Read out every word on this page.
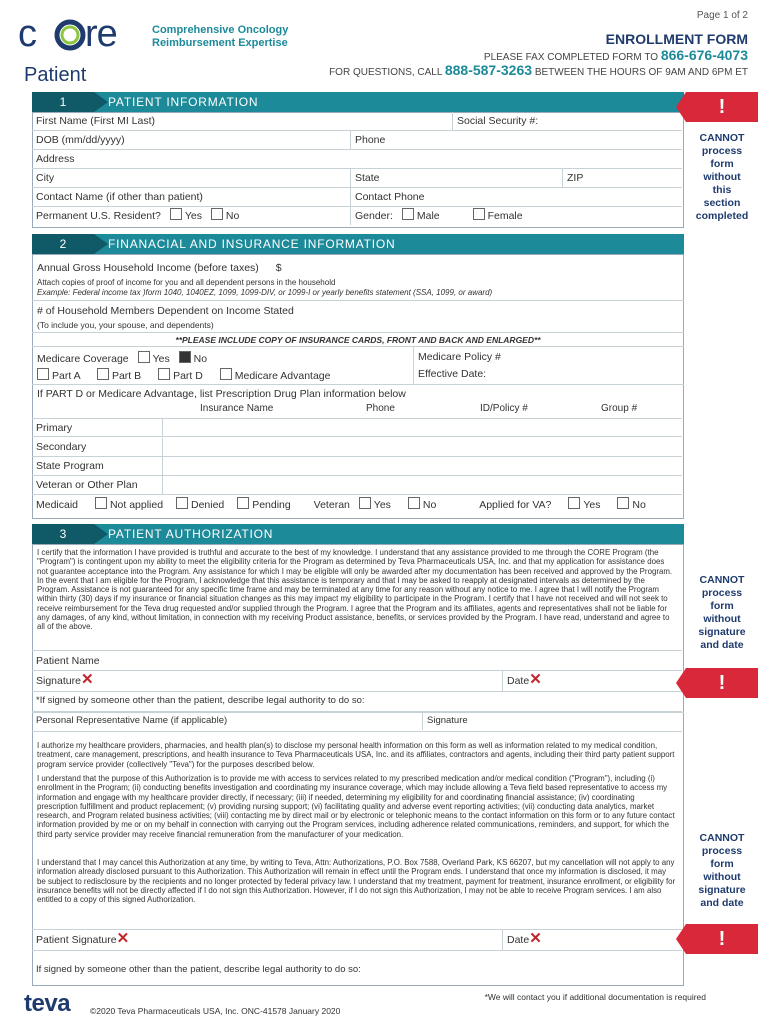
Page 1 of 2
c re	Comprehensive Oncology
Reimbursement Expertise	ENROLLMENT FORM
PLEASE FAX COMPLETED FORM TO 866-676-4073
FOR QUESTIONS, CALL 888-587-3263 BETWEEN THE HOURS OF 9AM AND 6PM ET
Patient
1	PATIENT INFORMATION
First Name (First MI Last)	Social Security #:
DOB (mm/dd/yyyy)	Phone
Address
City	State	ZIP
Contact Name (if other than patient)	Contact Phone
Permanent U.S. Resident? Yes No	Gender: Male	Female
!
CANNOT
process
form
without
this
section
completed
2	FINANACIAL AND INSURANCE INFORMATION
Annual Gross Household Income (before taxes) $
Attach copies of proof of income for you and all dependent persons in the household
Example: Federal income tax )form 1040, 1040EZ, 1099, 1099-DIV, or 1099-I or yearly benefits statement (SSA, 1099, or award)
# of Household Members Dependent on Income Stated
(To include you, your spouse, and dependents)
**PLEASE INCLUDE COPY OF INSURANCE CARDS, FRONT AND BACK AND ENLARGED**
Medicare Coverage Yes No	Medicare Policy #
Part A	Part B	Part D	Medicare Advantage	Effective Date:
If PART D or Medicare Advantage, list Prescription Drug Plan information below
Insurance Name	Phone	ID/Policy #	Group #
Primary
Secondary
State Program
Veteran or Other Plan
Medicaid	Not applied	Denied	Pending Veteran Yes	No	Applied for VA?	Yes	No
3	PATIENT AUTHORIZATION
I certify that the information I have provided is truthful and accurate to the best of my knowledge. I understand that any assistance provided to me through the CORE Program (the "Program") is contingent upon my ability to meet the eligibility criteria for the Program as determined by Teva Pharmaceuticals USA, Inc. and that my application for assistance does not guarantee acceptance into the Program. Any assistance for which I may be eligible will only be awarded after my documentation has been received and approved by the Program. In the event that I am eligible for the Program, I acknowledge that this assistance is temporary and that I may be asked to reapply at designated intervals as determined by the Program. Assistance is not guaranteed for any specific time frame and may be terminated at any time for any reason without any notice to me. I agree that I will notify the Program within thirty (30) days if my insurance or financial situation changes as this may impact my eligibility to participate in the Program. I certify that I have not received and will not seek to receive reimbursement for the Teva drug requested and/or supplied through the Program. I agree that the Program and its affiliates, agents and representatives shall not be liable for any damages, of any kind, without limitation, in connection with my receiving Product assistance, benefits, or services provided by the Program. I have read, understand and agree to all of the above.
Patient Name
Signature✕	Date✕
*If signed by someone other than the patient, describe legal authority to do so:
Personal Representative Name (if applicable)	Signature
I authorize my healthcare providers, pharmacies, and health plan(s) to disclose my personal health information on this form as well as information related to my medical condition, treatment, care management, prescriptions, and health insurance to Teva Pharmaceuticals USA, Inc. and its affiliates, contractors and agents, including their third party patient support program service provider (collectively "Teva") for the purposes described below.
I understand that the purpose of this Authorization is to provide me with access to services related to my prescribed medication and/or medical condition ("Program"), including (i) enrollment in the Program; (ii) conducting benefits investigation and coordinating my insurance coverage, which may include allowing a Teva field based representative to access my information and engage with my healthcare provider directly, if necessary; (iii) if needed, determining my eligibility for and coordinating financial assistance; (iv) coordinating prescription fulfillment and product replacement; (v) providing nursing support; (vi) facilitating quality and adverse event reporting activities; (vii) conducting data analytics, market research, and Program related business activities; (viii) contacting me by direct mail or by electronic or telephonic means to the contact information on this form or to any future contact information provided by me or on my behalf in connection with carrying out the Program services, including adherence related communications, reminders, and support, for which the third party service provider may receive financial remuneration from the manufacturer of your medication.
I understand that I may cancel this Authorization at any time, by writing to Teva, Attn: Authorizations, P.O. Box 7588, Overland Park, KS 66207, but my cancellation will not apply to any information already disclosed pursuant to this Authorization. This Authorization will remain in effect until the Program ends. I understand that once my information is disclosed, it may be subject to redisclosure by the recipients and no longer protected by federal privacy law. I understand that my treatment, payment for treatment, insurance enrollment, or eligibility for insurance benefits will not be directly affected if I do not sign this Authorization. However, if I do not sign this Authorization, I may not be able to receive Program services. I am also entitled to a copy of this signed Authorization.
Patient Signature✕	Date✕
If signed by someone other than the patient, describe legal authority to do so:
CANNOT
process
form
without
signature
and date
!
CANNOT
process
form
without
signature
and date
!
teva	*We will contact you if additional documentation is required
©2020 Teva Pharmaceuticals USA, Inc. ONC-41578 January 2020
